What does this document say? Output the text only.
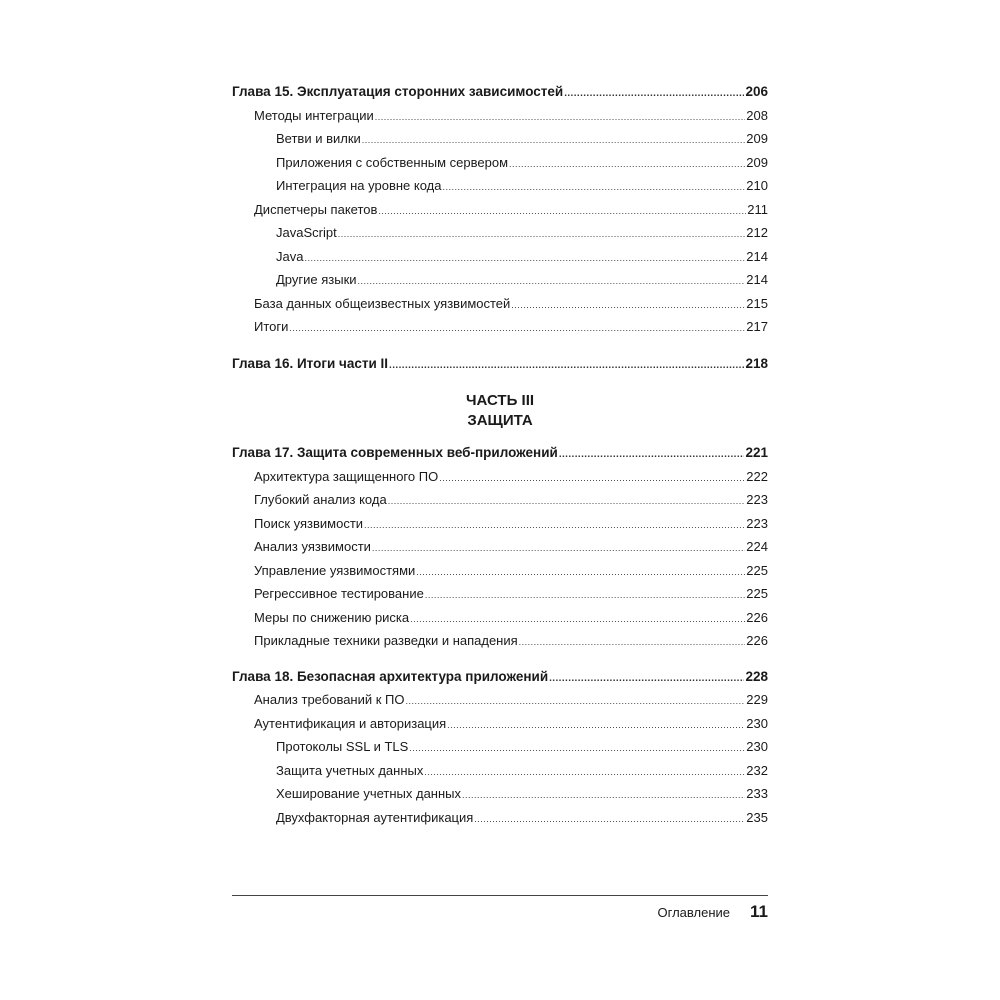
Глава 15. Эксплуатация сторонних зависимостей .....	206
Методы интеграции .....	208
Ветви и вилки .....	209
Приложения с собственным сервером .....	209
Интеграция на уровне кода .....	210
Диспетчеры пакетов .....	211
JavaScript .....	212
Java .....	214
Другие языки .....	214
База данных общеизвестных уязвимостей .....	215
Итоги .....	217
Глава 16. Итоги части II .....	218
ЧАСТЬ III
ЗАЩИТА
Глава 17. Защита современных веб-приложений .....	221
Архитектура защищенного ПО .....	222
Глубокий анализ кода .....	223
Поиск уязвимости .....	223
Анализ уязвимости .....	224
Управление уязвимостями .....	225
Регрессивное тестирование .....	225
Меры по снижению риска .....	226
Прикладные техники разведки и нападения .....	226
Глава 18. Безопасная архитектура приложений .....	228
Анализ требований к ПО .....	229
Аутентификация и авторизация .....	230
Протоколы SSL и TLS .....	230
Защита учетных данных .....	232
Хеширование учетных данных .....	233
Двухфакторная аутентификация .....	235
Оглавление 11
